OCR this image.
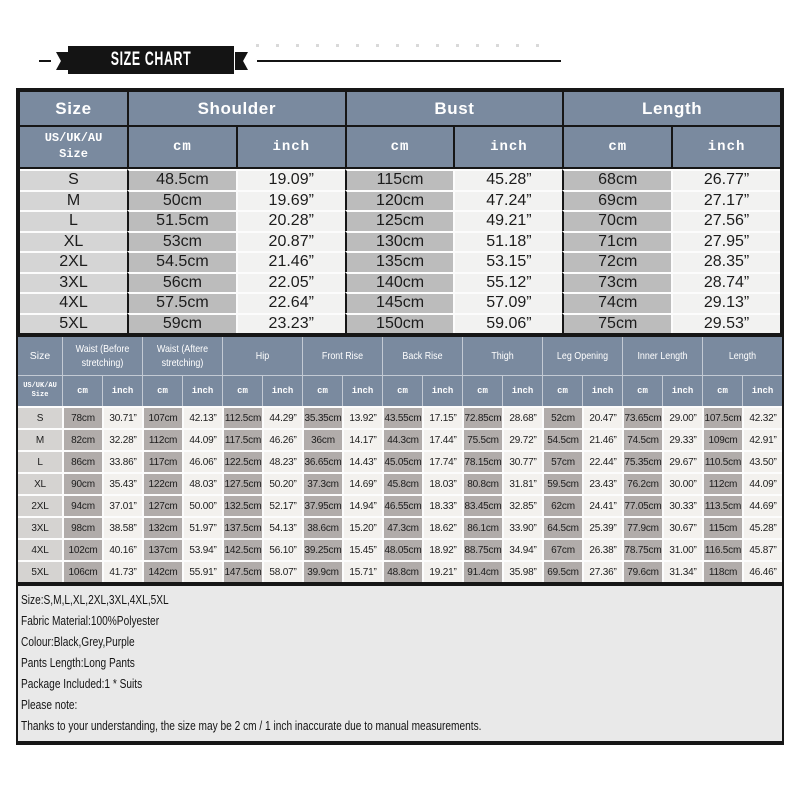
SIZE CHART
Size	Shoulder		Bust		Length	

US/UK/AU
Size	cm	inch	cm	inch	cm	inch
S	48.5cm	19.09”	115cm	45.28”	68cm	26.77”
M	50cm	19.69”	120cm	47.24”	69cm	27.17”
L	51.5cm	20.28”	125cm	49.21”	70cm	27.56”
XL	53cm	20.87”	130cm	51.18”	71cm	27.95”
2XL	54.5cm	21.46”	135cm	53.15”	72cm	28.35”
3XL	56cm	22.05”	140cm	55.12”	73cm	28.74”
4XL	57.5cm	22.64”	145cm	57.09”	74cm	29.13”
5XL	59cm	23.23”	150cm	59.06”	75cm	29.53”
Size	Waist (Before stretching)		Waist (Aftere stretching)		Hip		Front Rise		Back Rise		Thigh		Leg Opening		Inner Length		Length	

US/UK/AU
Size	cm	inch	cm	inch	cm	inch	cm	inch	cm	inch	cm	inch	cm	inch	cm	inch	cm	inch
S	78cm	30.71”	107cm	42.13”	112.5cm	44.29”	35.35cm	13.92”	43.55cm	17.15”	72.85cm	28.68”	52cm	20.47”	73.65cm	29.00”	107.5cm	42.32”
M	82cm	32.28”	112cm	44.09”	117.5cm	46.26”	36cm	14.17”	44.3cm	17.44”	75.5cm	29.72”	54.5cm	21.46”	74.5cm	29.33”	109cm	42.91”
L	86cm	33.86”	117cm	46.06”	122.5cm	48.23”	36.65cm	14.43”	45.05cm	17.74”	78.15cm	30.77”	57cm	22.44”	75.35cm	29.67”	110.5cm	43.50”
XL	90cm	35.43”	122cm	48.03”	127.5cm	50.20”	37.3cm	14.69”	45.8cm	18.03”	80.8cm	31.81”	59.5cm	23.43”	76.2cm	30.00”	112cm	44.09”
2XL	94cm	37.01”	127cm	50.00”	132.5cm	52.17”	37.95cm	14.94”	46.55cm	18.33”	83.45cm	32.85”	62cm	24.41”	77.05cm	30.33”	113.5cm	44.69”
3XL	98cm	38.58”	132cm	51.97”	137.5cm	54.13”	38.6cm	15.20”	47.3cm	18.62”	86.1cm	33.90”	64.5cm	25.39”	77.9cm	30.67”	115cm	45.28”
4XL	102cm	40.16”	137cm	53.94”	142.5cm	56.10”	39.25cm	15.45”	48.05cm	18.92”	88.75cm	34.94”	67cm	26.38”	78.75cm	31.00”	116.5cm	45.87”
5XL	106cm	41.73”	142cm	55.91”	147.5cm	58.07”	39.9cm	15.71”	48.8cm	19.21”	91.4cm	35.98”	69.5cm	27.36”	79.6cm	31.34”	118cm	46.46”
Size:S,M,L,XL,2XL,3XL,4XL,5XL
Fabric Material:100%Polyester
Colour:Black,Grey,Purple
Pants Length:Long Pants
Package Included:1 * Suits
Please note:
Thanks to your understanding, the size may be 2 cm / 1 inch inaccurate due to manual measurements.
